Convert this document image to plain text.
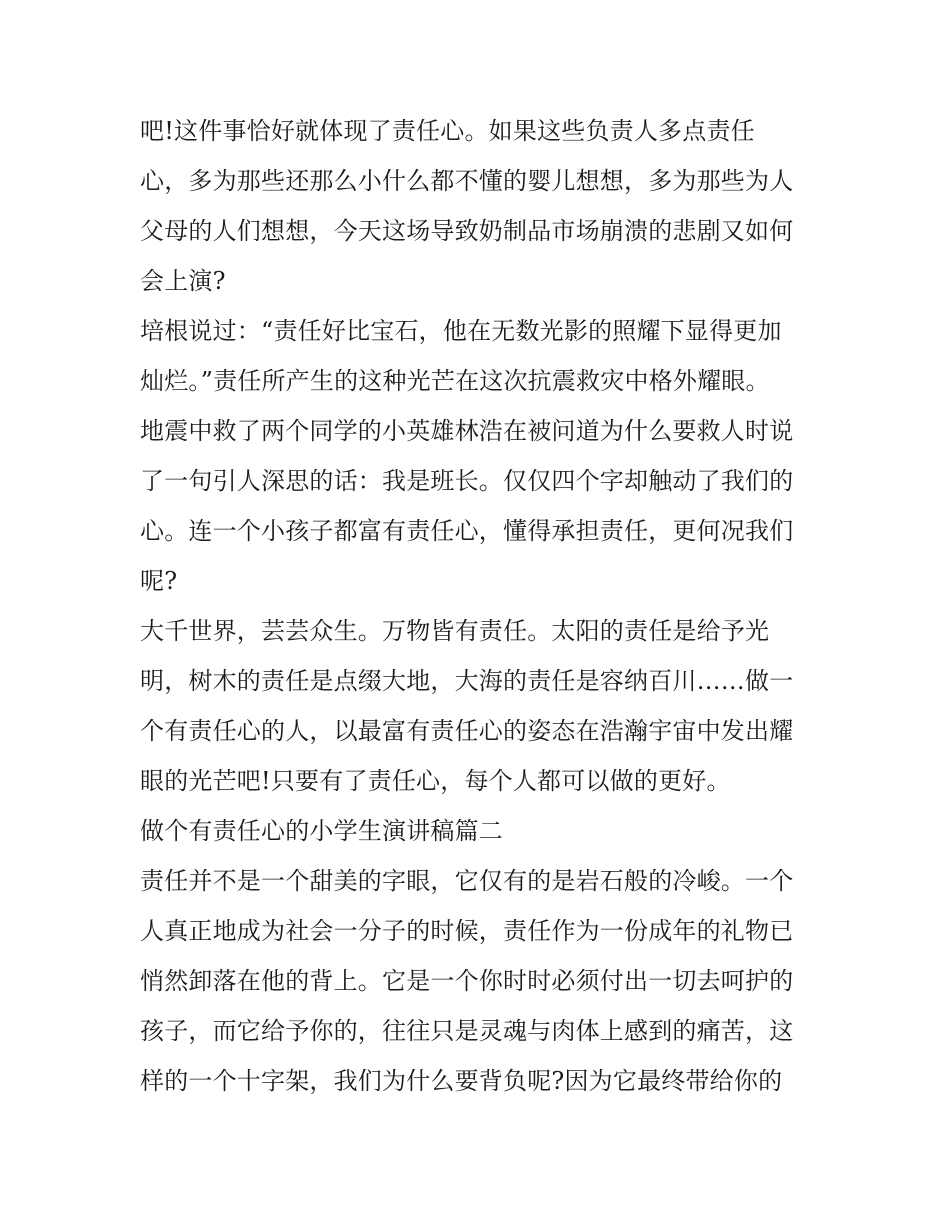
吧!这件事恰好就体现了责任心。如果这些负责人多点责任
心，多为那些还那么小什么都不懂的婴儿想想，多为那些为人
父母的人们想想，今天这场导致奶制品市场崩溃的悲剧又如何
会上演?
培根说过：“责任好比宝石，他在无数光影的照耀下显得更加
灿烂。”责任所产生的这种光芒在这次抗震救灾中格外耀眼。
地震中救了两个同学的小英雄林浩在被问道为什么要救人时说
了一句引人深思的话：我是班长。仅仅四个字却触动了我们的
心。连一个小孩子都富有责任心，懂得承担责任，更何况我们
呢?
大千世界，芸芸众生。万物皆有责任。太阳的责任是给予光
明，树木的责任是点缀大地，大海的责任是容纳百川……做一
个有责任心的人，以最富有责任心的姿态在浩瀚宇宙中发出耀
眼的光芒吧!只要有了责任心，每个人都可以做的更好。
做个有责任心的小学生演讲稿篇二
责任并不是一个甜美的字眼，它仅有的是岩石般的冷峻。一个
人真正地成为社会一分子的时候，责任作为一份成年的礼物已
悄然卸落在他的背上。它是一个你时时必须付出一切去呵护的
孩子，而它给予你的，往往只是灵魂与肉体上感到的痛苦，这
样的一个十字架，我们为什么要背负呢?因为它最终带给你的
